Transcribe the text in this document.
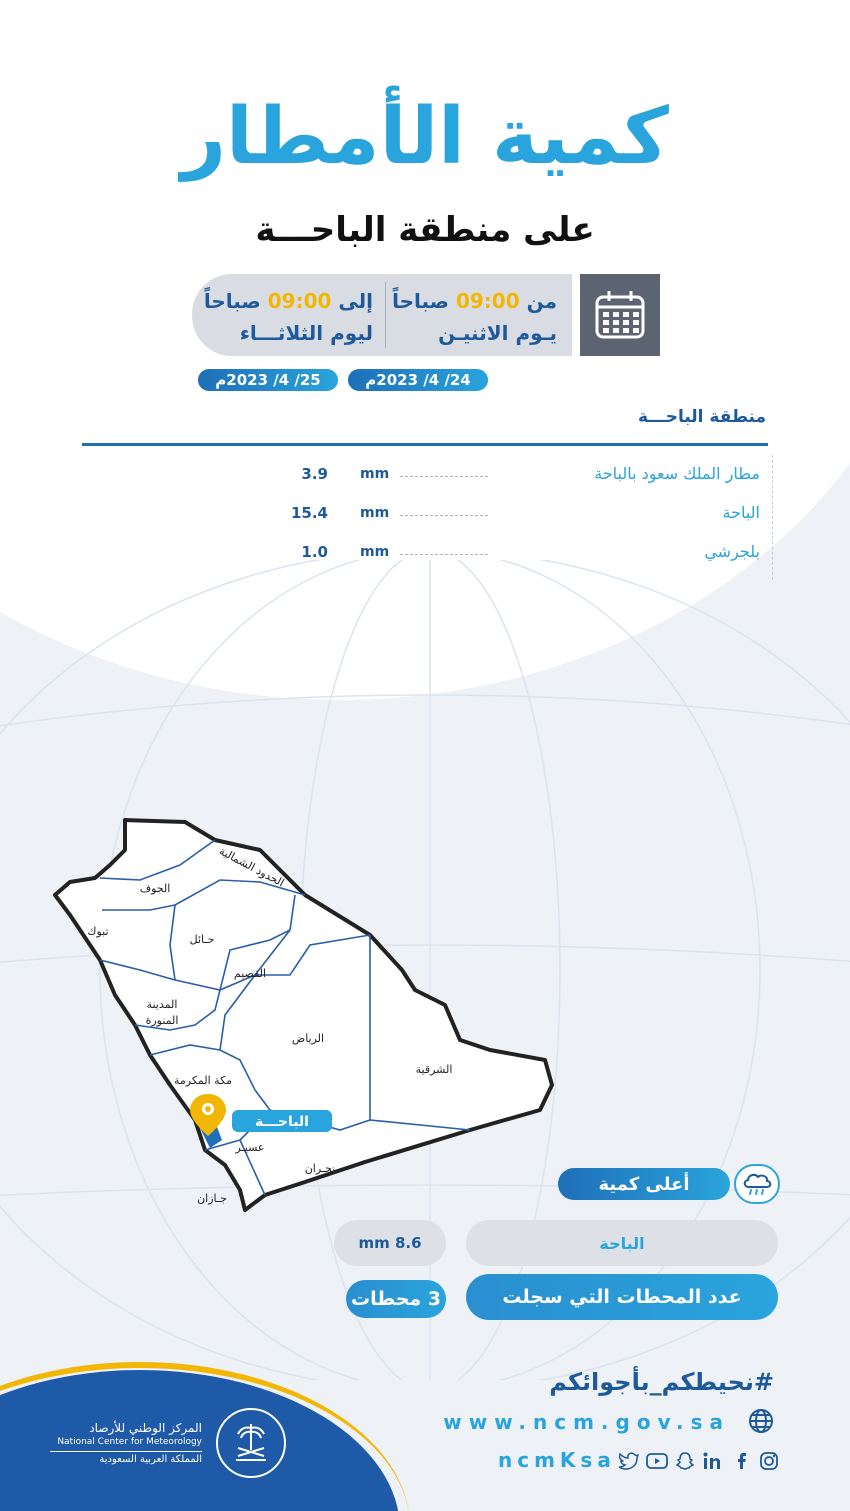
كمية الأمطار
على منطقة الباحـــة
من 09:00 صباحاً
يـوم الاثنيـن
إلى 09:00 صباحاً
ليوم الثلاثـــاء
24/ 4/ 2023م
25/ 4/ 2023م
منطقة الباحـــة
مطار الملك سعود بالباحة
mm
3.9
الباحة
mm
15.4
بلجرشي
mm
1.0
الجوف	الحدود الشمالية
تبوك
حـائل
القصيم
المدينة
المنورة
الرياض
الشرقية
مكة المكرمة
عسيـر
نجـران
جـازان
الباحـــة
أعلى كمية
الباحة
8.6 mm
عدد المحطات التي سجلت
3 محطات
المركز الوطني للأرصاد
National Center for Meteorology
المملكة العربية السعودية
#نحيطكم_بأجوائكم
www.ncm.gov.sa
ncmKsa
